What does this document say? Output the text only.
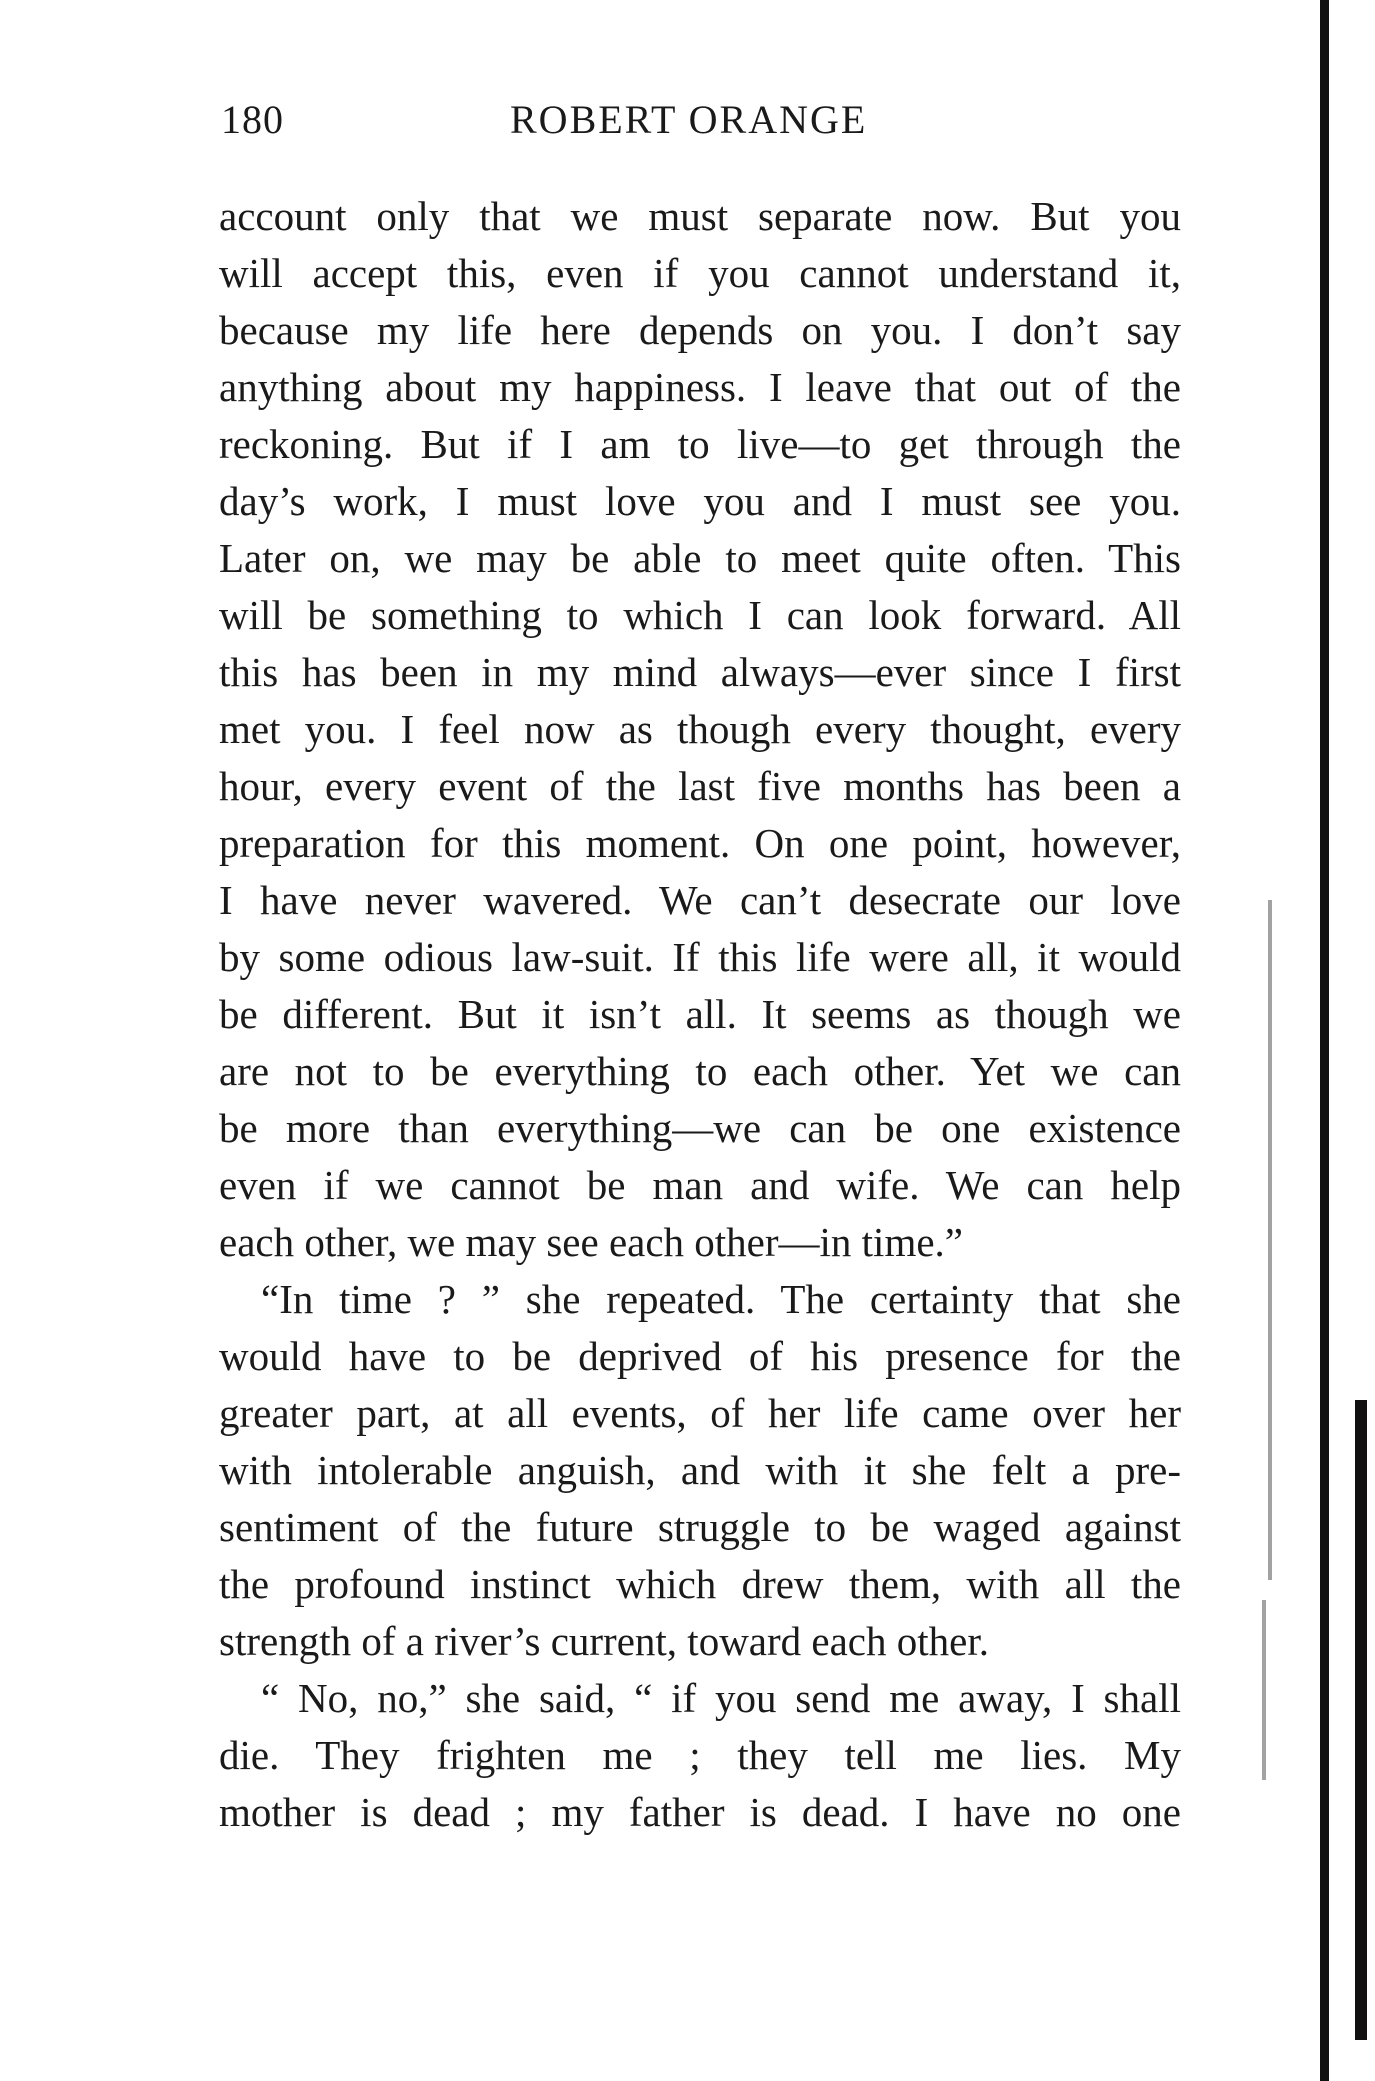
180	ROBERT ORANGE
account only that we must separate now. But you
will accept this, even if you cannot understand it,
because my life here depends on you. I don’t say
anything about my happiness. I leave that out of the
reckoning. But if I am to live—to get through the
day’s work, I must love you and I must see you.
Later on, we may be able to meet quite often. This
will be something to which I can look forward. All
this has been in my mind always—ever since I first
met you. I feel now as though every thought, every
hour, every event of the last five months has been a
preparation for this moment. On one point, however,
I have never wavered. We can’t desecrate our love
by some odious law-suit. If this life were all, it would
be different. But it isn’t all. It seems as though we
are not to be everything to each other. Yet we can
be more than everything—we can be one existence
even if we cannot be man and wife. We can help
each other, we may see each other—in time.”
“In time ? ” she repeated. The certainty that she
would have to be deprived of his presence for the
greater part, at all events, of her life came over her
with intolerable anguish, and with it she felt a pre-
sentiment of the future struggle to be waged against
the profound instinct which drew them, with all the
strength of a river’s current, toward each other.
“ No, no,” she said, “ if you send me away, I shall
die. They frighten me ; they tell me lies. My
mother is dead ; my father is dead. I have no one
